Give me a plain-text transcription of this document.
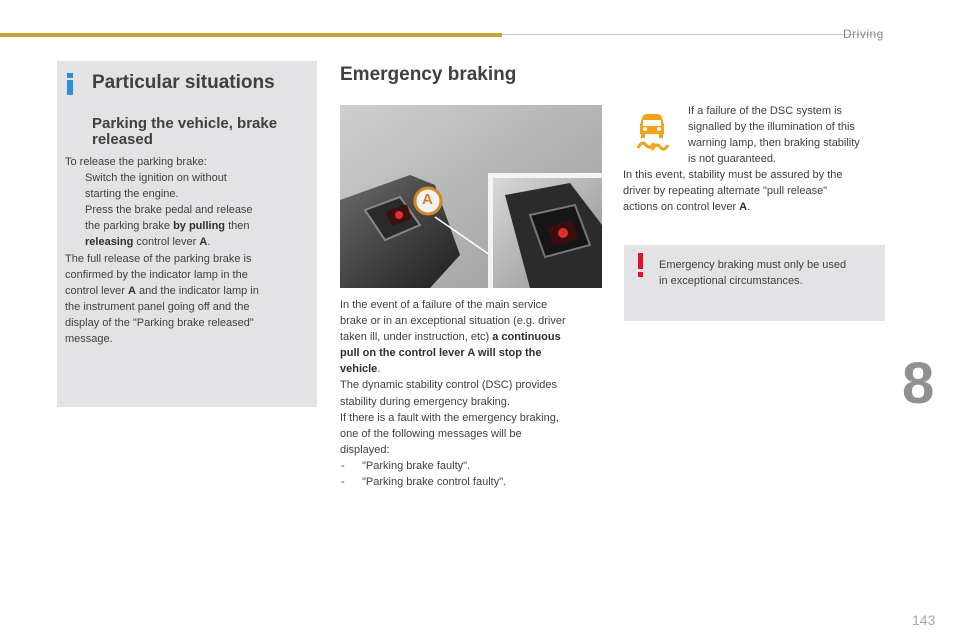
Driving
Particular situations
Parking the vehicle, brake released
To release the parking brake:
Switch the ignition on without
starting the engine.
Press the brake pedal and release
the parking brake by pulling then
releasing control lever A.
The full release of the parking brake is
confirmed by the indicator lamp in the
control lever A and the indicator lamp in
the instrument panel going off and the
display of the "Parking brake released"
message.
Emergency braking
A
In the event of a failure of the main service
brake or in an exceptional situation (e.g. driver
taken ill, under instruction, etc) a continuous
pull on the control lever A will stop the
vehicle.
The dynamic stability control (DSC) provides
stability during emergency braking.
If there is a fault with the emergency braking,
one of the following messages will be
displayed:
- "Parking brake faulty".
- "Parking brake control faulty".
If a failure of the DSC system is
signalled by the illumination of this
warning lamp, then braking stability
is not guaranteed.
In this event, stability must be assured by the
driver by repeating alternate "pull release"
actions on control lever A.
Emergency braking must only be used
in exceptional circumstances.
8
143
